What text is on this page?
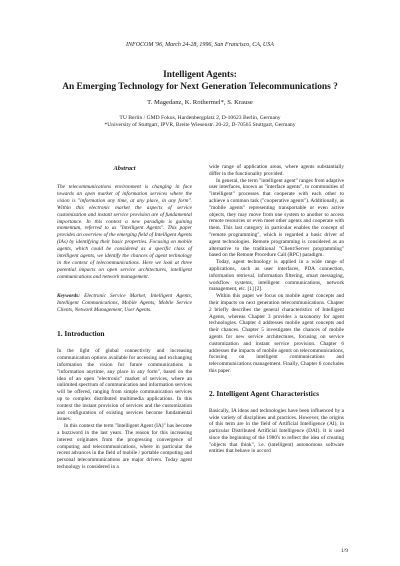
INFOCOM '96, March 24-28, 1996, San Francisco, CA, USA
Intelligent Agents:
An Emerging Technology for Next Generation Telecommunications ?
T. Magedanz, K. Rothermel*, S. Krause
TU Berlin / GMD Fokus, Hardenbergplatz 2, D-10623 Berlin, Germany
*University of Stuttgart, IPVR, Breite Wiesenstr. 20-22, D-70565 Stuttgart, Germany
Abstract

The telecommunications environment is changing in face towards an open market of information services where the vision is "information any time, at any place, in any form". Within this electronic market the aspects of service customization and instant service provision are of fundamental importance. In this context a new paradigm is gaining momentum, referred to as "Intelligent Agents". This paper provides an overview of the emerging field of Intelligent Agents (IAs) by identifying their basic properties. Focusing on mobile agents, which could be considered as a specific class of intelligent agents, we identify the chances of agent technology in the context of telecommunications. Here we look at three potential impacts on open service architectures, intelligent communications and network management.

Keywords: Electronic Service Market, Intelligent Agents, Intelligent Communications, Mobile Agents, Mobile Service Clients, Network Management, User Agents.

1. Introduction

In the light of global connectivity and increasing communication options available for accessing and exchanging information the vision for future communications is "information anytime, any place in any form", based on the idea of an open "electronic" market of services, where an unlimited spectrum of communication and information services will be offered, ranging from simple communication services up to complex distributed multimedia applications. In this context the instant provision of services and the customization and configuration of existing services become fundamental issues.

In this context the term "Intelligent Agent (IA)" has become a buzzword in the last years. The reason for this increasing interest originates from the progressing convergence of computing and telecommunications, where in particular the recent advances in the field of mobile / portable computing and personal telecommunications are major drivers. Today agent technology is considered in a

wide range of application areas, where agents substantially differ in the functionality provided.

In general, the term "intelligent agent" ranges from adaptive user interfaces, known as "interface agents", to communities of "intelligent" processes that cooperate with each other to achieve a common task ("cooperative agents"). Additionally, as "mobile agents" representing transportable or even active objects, they may move from one system to another to access remote resources or even meet other agents and cooperate with them. This last category in particular enables the concept of "remote programming", which is regarded a basic driver of agent technologies. Remote programming is considered as an alternative to the traditional "Client/Server programming" based on the Remote Procedure Call (RPC) paradigm.

Today, agent technology is applied in a wide range of applications, such as user interfaces, PDA connection, information retrieval, information filtering, smart messaging, workflow systems, intelligent communications, network management, etc. [1] [2].

Within this paper we focus on mobile agent concepts and their impacts on next generation telecommunications. Chapter 2 briefly describes the general characteristics of Intelligent Agents, whereas Chapter 3 provides a taxonomy for agent technologies. Chapter 4 addresses mobile agent concepts and their chances. Chapter 5 investigates the chances of mobile agents for new service architectures, focusing on service customization and instant service provision. Chapter 6 addresses the impacts of mobile agents on telecommunications, focusing on intelligent communications and telecommunications management. Finally, Chapter 6 concludes this paper.

2. Intelligent Agent Characteristics

Basically, IA ideas and technologies have been influenced by a wide variety of disciplines and practices. However, the origins of this term are in the field of Artificial Intelligence (AI), in particular Distributed Artificial Intelligence (DAI). It is used since the beginning of the 1980's to reflect the idea of creating "objects that think", i.e. (intelligent) autonomous software entities that behave in accord

1/9
